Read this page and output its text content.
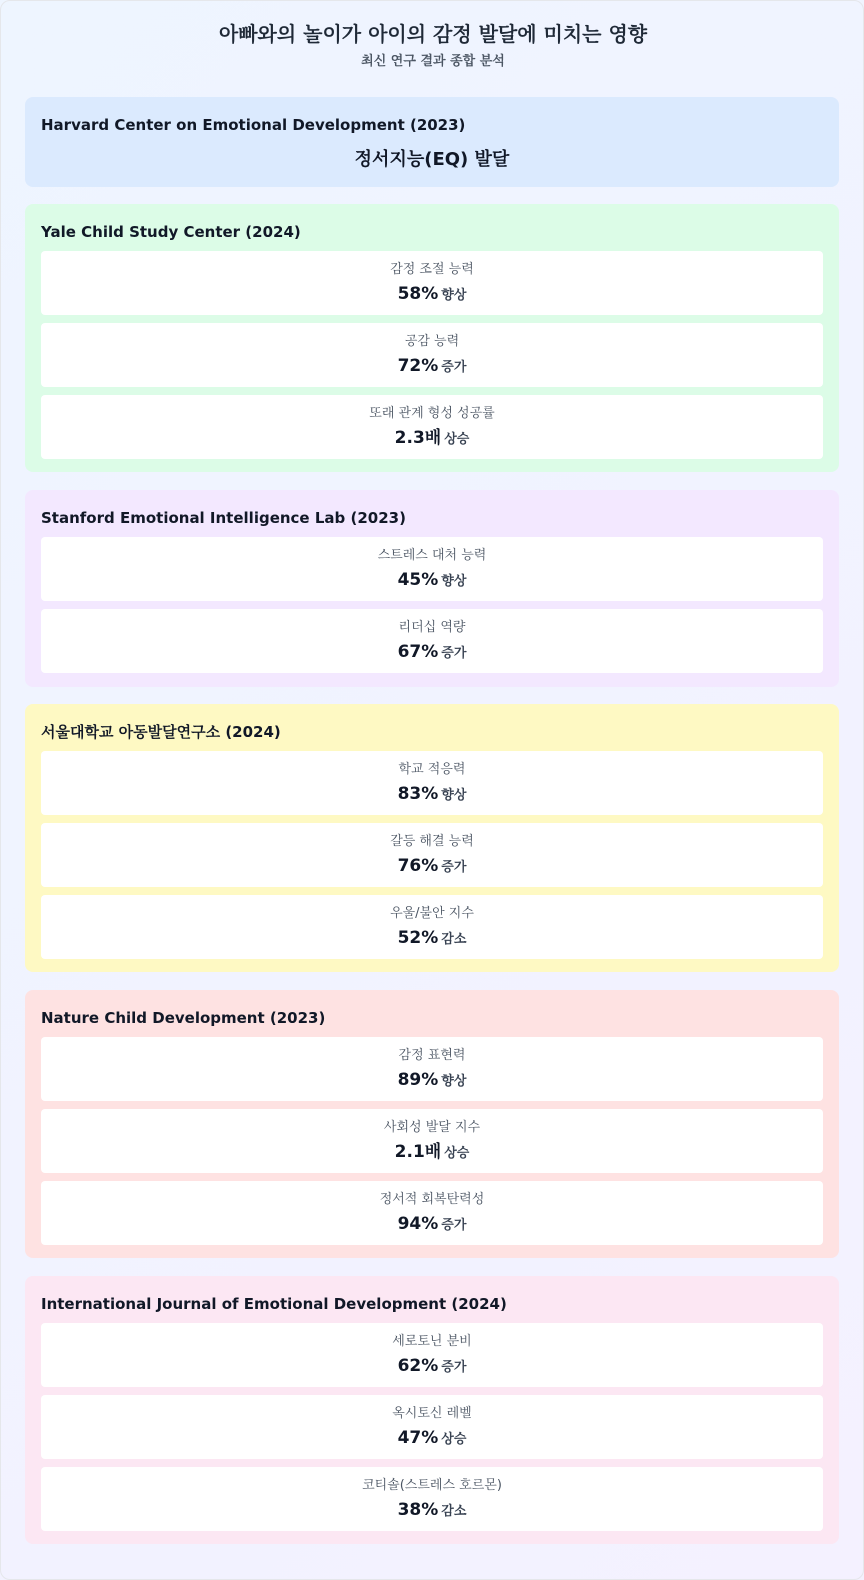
아빠와의 놀이가 아이의 감정 발달에 미치는 영향
최신 연구 결과 종합 분석
Harvard Center on Emotional Development (2023)
정서지능(EQ) 발달
Yale Child Study Center (2024)
감정 조절 능력
58% 향상
공감 능력
72% 증가
또래 관계 형성 성공률
2.3배 상승
Stanford Emotional Intelligence Lab (2023)
스트레스 대처 능력
45% 향상
리더십 역량
67% 증가
서울대학교 아동발달연구소 (2024)
학교 적응력
83% 향상
갈등 해결 능력
76% 증가
우울/불안 지수
52% 감소
Nature Child Development (2023)
감정 표현력
89% 향상
사회성 발달 지수
2.1배 상승
정서적 회복탄력성
94% 증가
International Journal of Emotional Development (2024)
세로토닌 분비
62% 증가
옥시토신 레벨
47% 상승
코티솔(스트레스 호르몬)
38% 감소
